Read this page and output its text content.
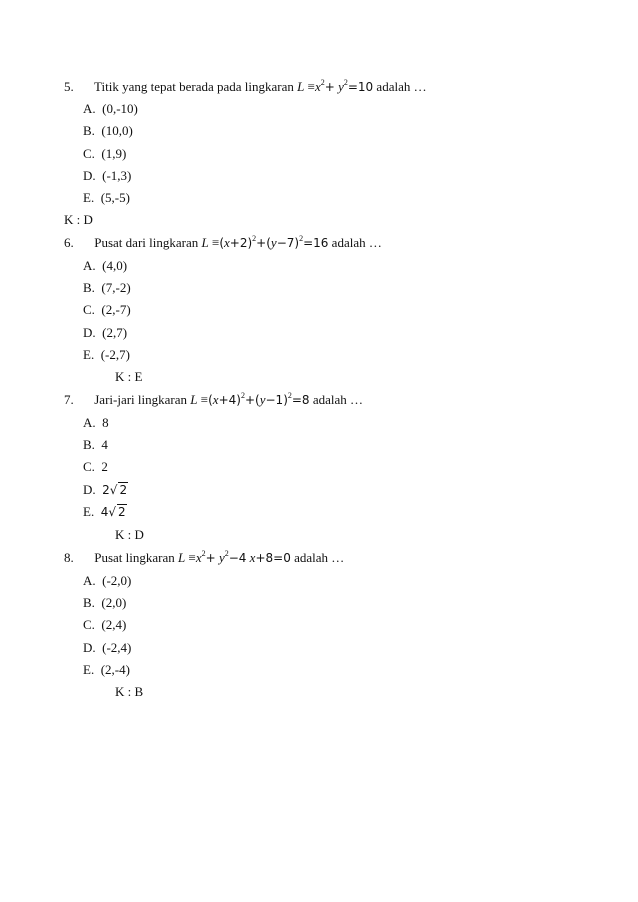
5. Titik yang tepat berada pada lingkaran $L \equiv x^2+ y^2=10$ adalah …
A. (0,-10)
B. (10,0)
C. (1,9)
D. (-1,3)
E. (5,-5)
K : D
6. Pusat dari lingkaran $L \equiv(x+2)^2+(y-7)^2=16$ adalah …
A. (4,0)
B. (7,-2)
C. (2,-7)
D. (2,7)
E. (-2,7)
K : E
7. Jari-jari lingkaran $L \equiv(x+4)^2+(y-1)^2=8$ adalah …
A. 8
B. 4
C. 2
D. 2√ 2
E. 4√ 2
K : D
8. Pusat lingkaran $L \equiv x^2+ y^2-4$ x+8=0 adalah …
A. (-2,0)
B. (2,0)
C. (2,4)
D. (-2,4)
E. (2,-4)
K : B
